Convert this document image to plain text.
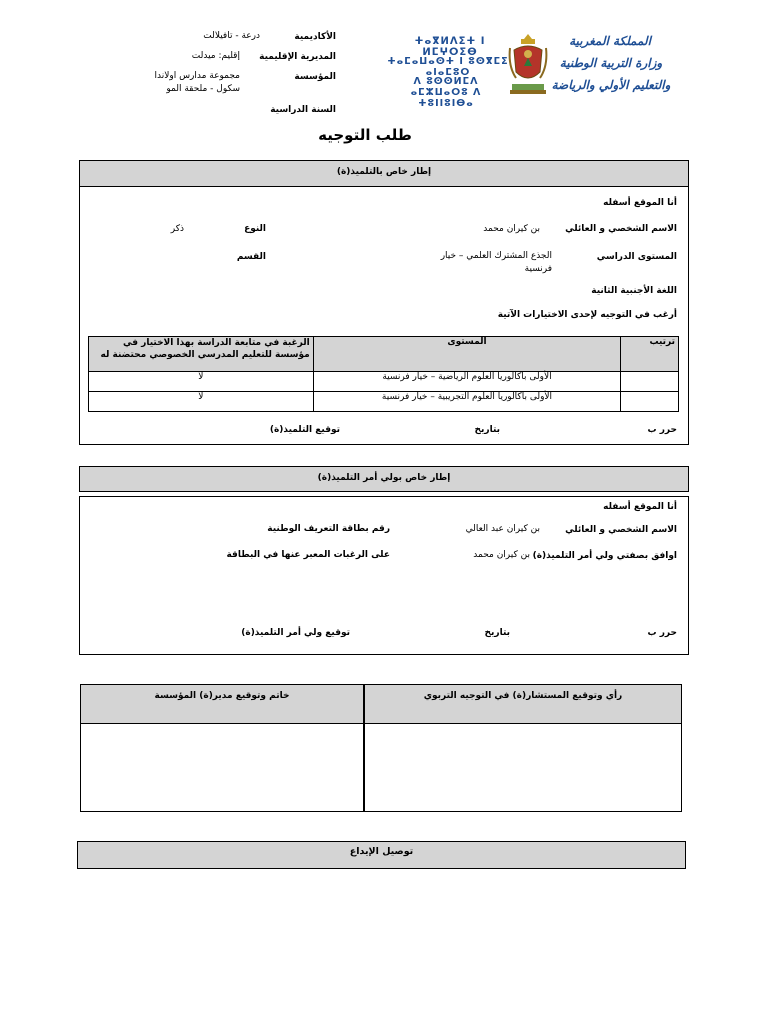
الأكاديمية
درعة - تافيلالت
المديرية الإقليمية
إقليم: ميدلت
المؤسسة
مجموعة مدارس اولاندا
سكول - ملحقة المو
السنة الدراسية
ⵜⴰⴳⵍⴷⵉⵜ ⵏ ⵍⵎⵖⵔⵉⴱ
ⵜⴰⵎⴰⵡⴰⵙⵜ ⵏ ⵓⵙⴳⵎⵉ ⴰⵏⴰⵎⵓⵔ
ⴷ ⵓⵙⵙⵍⵎⴷ ⴰⵎⵣⵡⴰⵔⵓ ⴷ ⵜⵓⵏⵏⵓⵏⴱⴰ
المملكة المغربية
وزارة التربية الوطنية
والتعليم الأولي والرياضة
طلب التوجيه
إطار خاص بالتلميذ(ة)
أنا الموقع أسفله
الاسم الشخصي و العائلي
بن كيران محمد
النوع
ذكر
المستوى الدراسي
الجذع المشترك العلمي – خيار
فرنسية
القسم
اللغة الأجنبية الثانية
أرغب في التوجيه لإحدى الاختيارات الآتية
ترتيب	المستوى	الرغبة في متابعة الدراسة بهذا الاختيار في مؤسسة للتعليم المدرسي الخصوصي محتضنة له
	الأولى باكالوريا العلوم الرياضية – خيار فرنسية	لا
	الأولى باكالوريا العلوم التجريبية – خيار فرنسية	لا
حرر ب
بتاريخ
توقيع التلميذ(ة)
إطار خاص بولي أمر التلميذ(ة)
أنا الموقع أسفله
الاسم الشخصي و العائلي
بن كيران عبد العالي
رقم بطاقة التعريف الوطنية
اوافق بصفتي ولي أمر التلميذ(ة)
بن كيران محمد
على الرغبات المعبر عنها في البطاقة
حرر ب
بتاريخ
توقيع ولي أمر التلميذ(ة)
رأي وتوقيع المستشار(ة) في التوجيه التربوي
خاتم وتوقيع مدير(ة) المؤسسة
توصيل الإيداع
